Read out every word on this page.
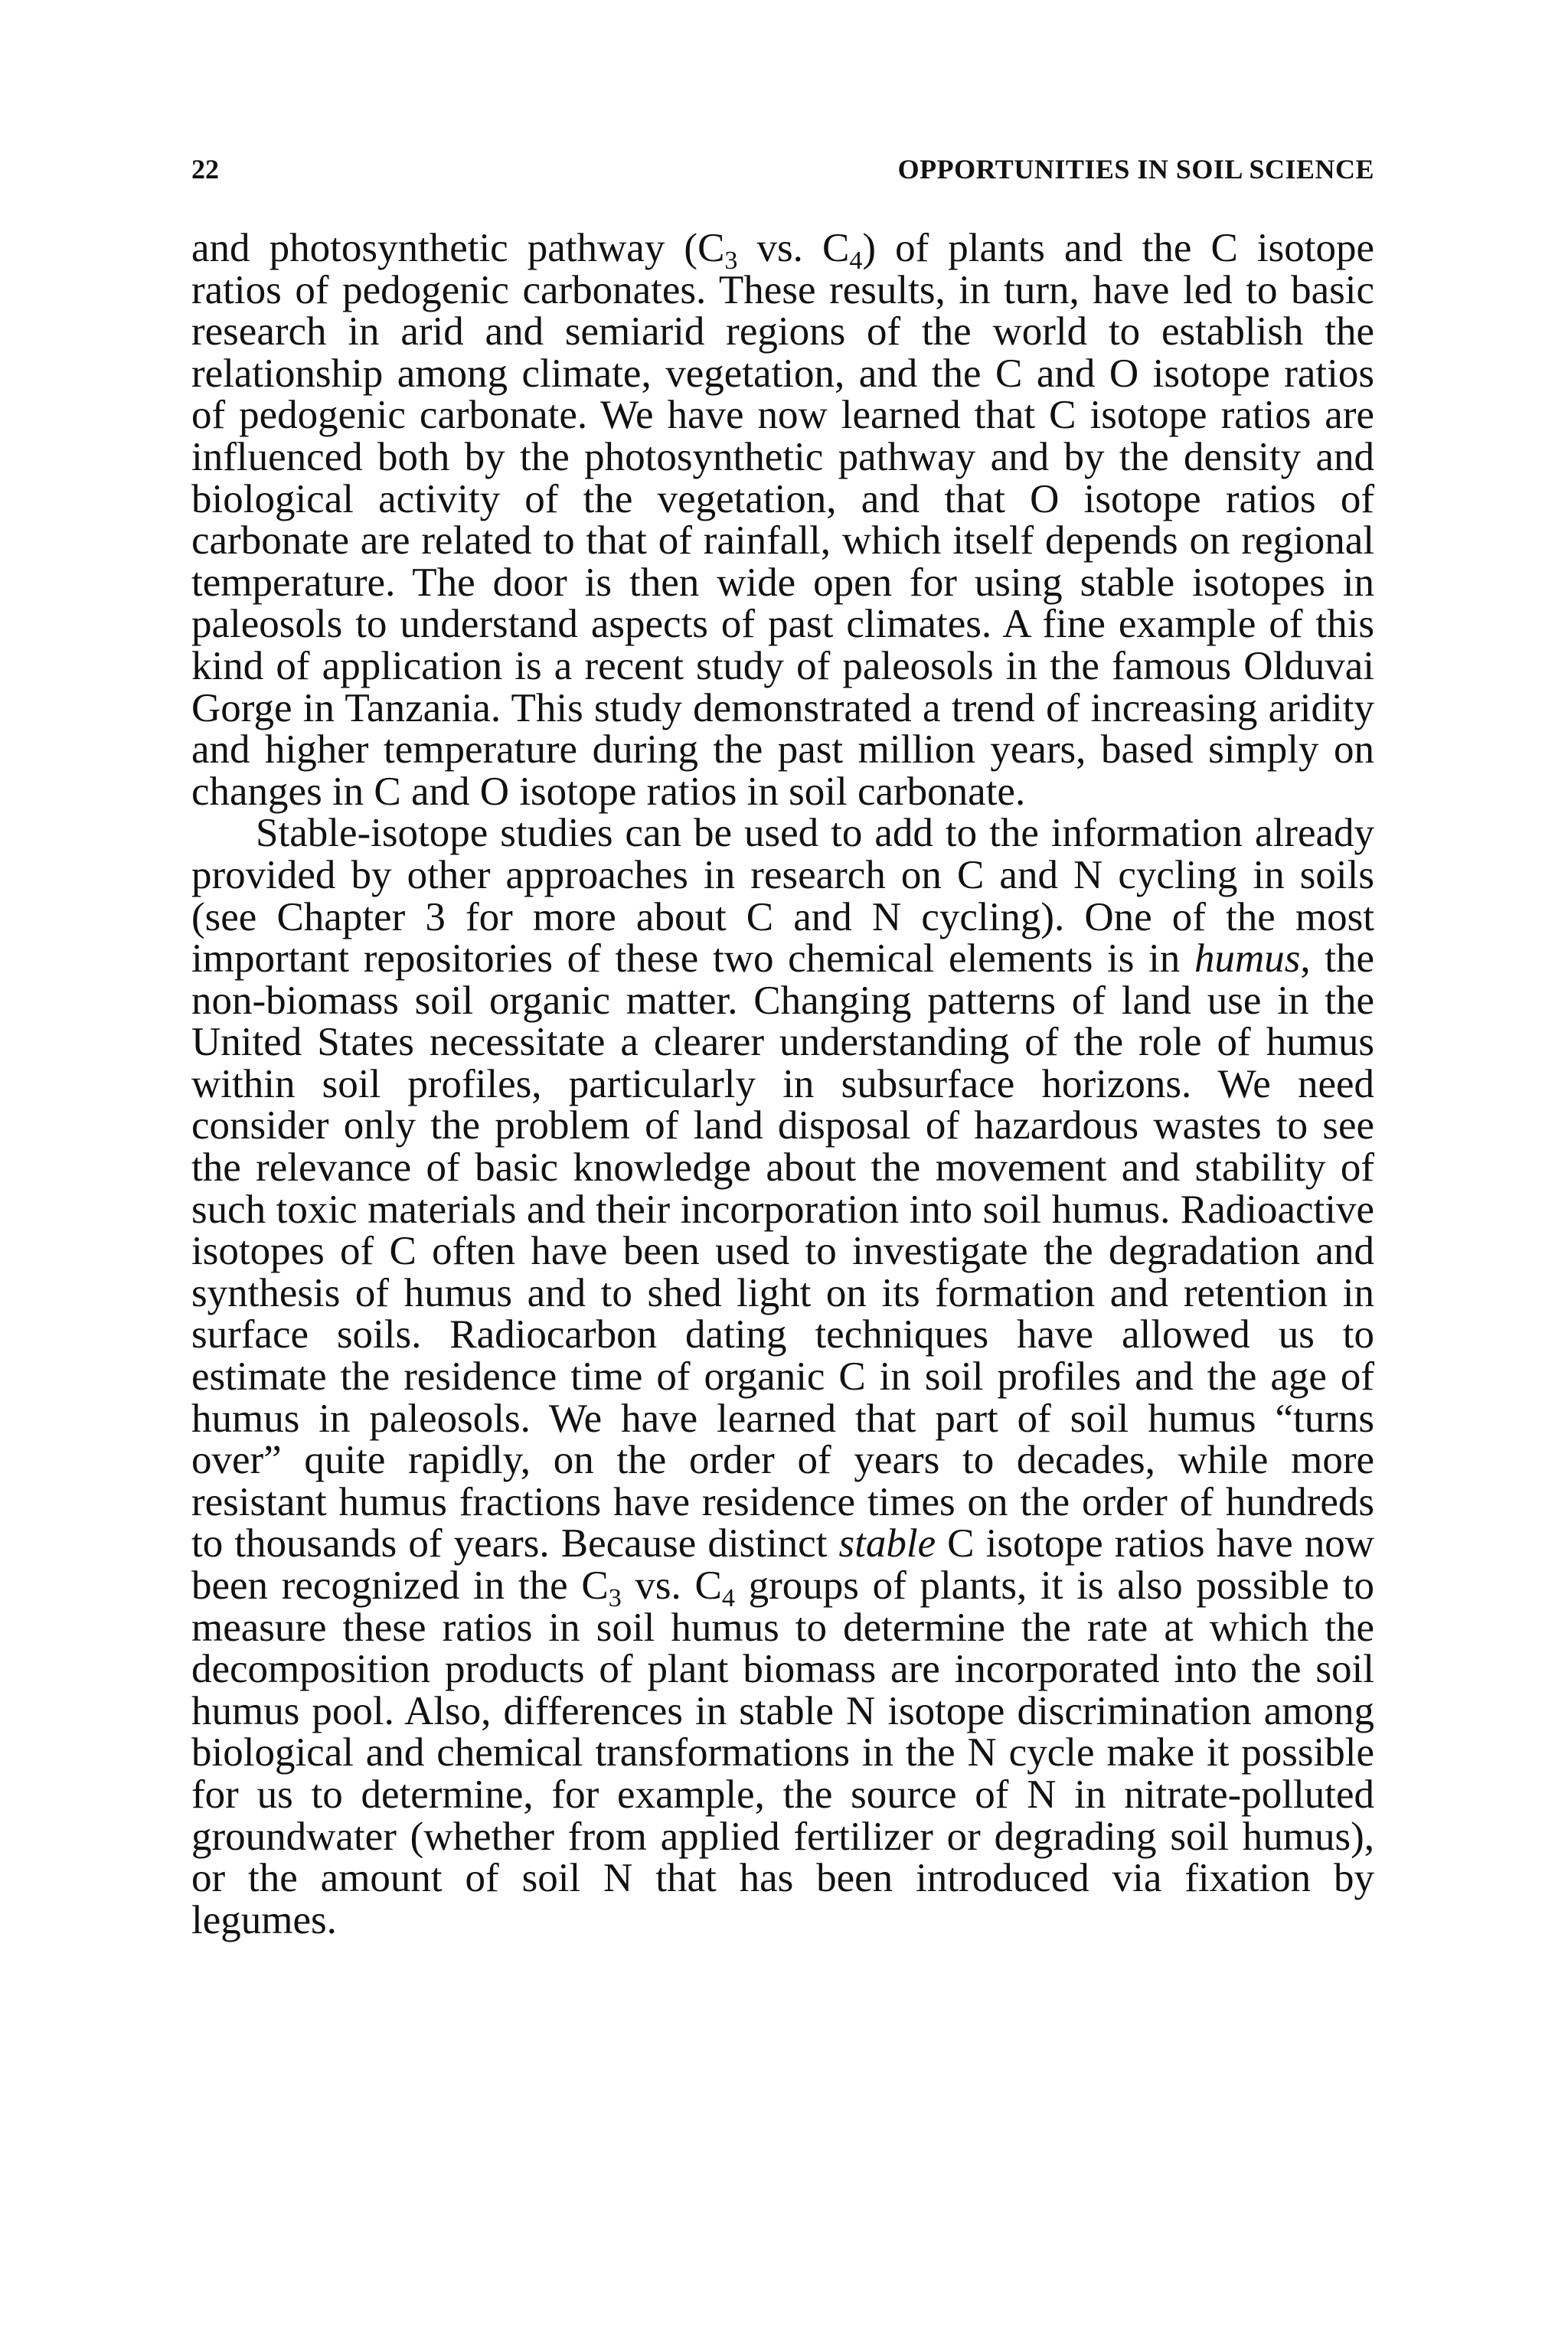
22	OPPORTUNITIES IN SOIL SCIENCE

and photosynthetic pathway ($C_3$ vs. $C_4$) of plants and the C isotope ratios of pedogenic carbonates. These results, in turn, have led to basic research in arid and semiarid regions of the world to establish the relationship among climate, vegetation, and the C and O isotope ratios of pedogenic carbonate. We have now learned that C isotope ratios are influenced both by the photosynthetic pathway and by the density and biological activity of the vegetation, and that O isotope ratios of carbonate are related to that of rainfall, which itself depends on regional temperature. The door is then wide open for using stable isotopes in paleosols to understand aspects of past climates. A fine example of this kind of application is a recent study of paleosols in the famous Olduvai Gorge in Tanzania. This study demonstrated a trend of increasing aridity and higher temperature during the past million years, based simply on changes in C and O isotope ratios in soil carbonate.

Stable-isotope studies can be used to add to the information already provided by other approaches in research on C and N cycling in soils (see Chapter 3 for more about C and N cycling). One of the most important repositories of these two chemical elements is in humus, the non-biomass soil organic matter. Changing patterns of land use in the United States necessitate a clearer understanding of the role of humus within soil profiles, particularly in subsurface horizons. We need consider only the problem of land disposal of hazardous wastes to see the relevance of basic knowledge about the movement and stability of such toxic materials and their incorporation into soil humus. Radioactive isotopes of C often have been used to investigate the degradation and synthesis of humus and to shed light on its formation and retention in surface soils. Radiocarbon dating techniques have allowed us to estimate the residence time of organic C in soil profiles and the age of humus in paleosols. We have learned that part of soil humus “turns over” quite rapidly, on the order of years to decades, while more resistant humus fractions have residence times on the order of hundreds to thousands of years. Because distinct stable C isotope ratios have now been recognized in the $C_3$ vs. $C_4$ groups of plants, it is also possible to measure these ratios in soil humus to determine the rate at which the decomposition products of plant biomass are incorporated into the soil humus pool. Also, differences in stable N isotope discrimination among biological and chemical transformations in the N cycle make it possible for us to determine, for example, the source of N in nitrate-polluted groundwater (whether from applied fertilizer or degrading soil humus), or the amount of soil N that has been introduced via fixation by legumes.
